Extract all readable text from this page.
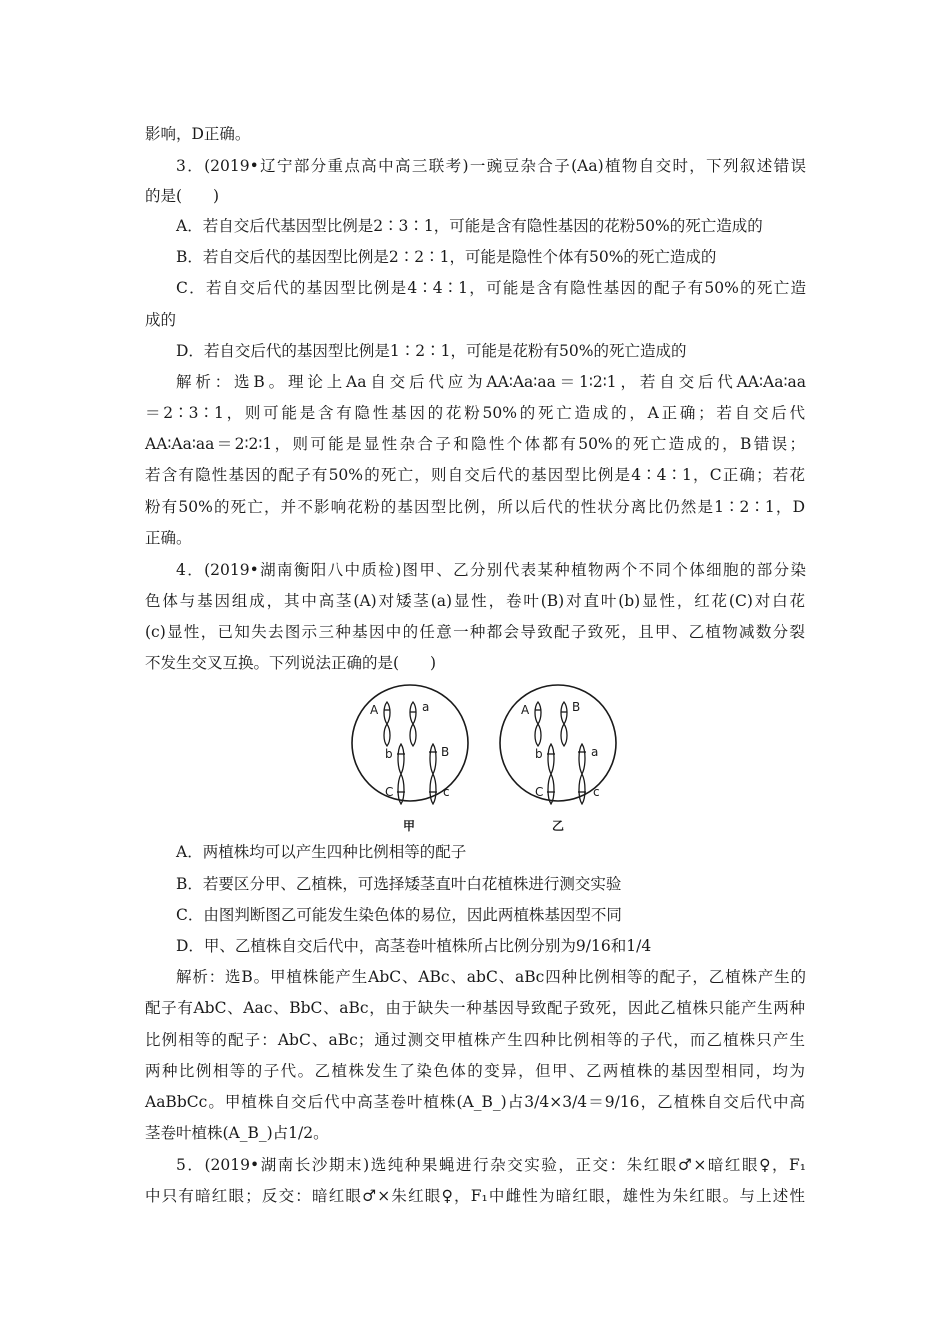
影响，D正确。
3．(2019•辽宁部分重点高中高三联考)一豌豆杂合子(Aa)植物自交时，下列叙述错误
的是(　　)
A．若自交后代基因型比例是2∶3∶1，可能是含有隐性基因的花粉50%的死亡造成的
B．若自交后代的基因型比例是2∶2∶1，可能是隐性个体有50%的死亡造成的
C．若自交后代的基因型比例是4∶4∶1，可能是含有隐性基因的配子有50%的死亡造
成的
D．若自交后代的基因型比例是1∶2∶1，可能是花粉有50%的死亡造成的
解析：选B。理论上Aa自交后代应为AA∶Aa∶aa＝1∶2∶1，若自交后代AA∶Aa∶aa
＝2∶3∶1，则可能是含有隐性基因的花粉50%的死亡造成的，A正确；若自交后代
AA∶Aa∶aa＝2∶2∶1，则可能是显性杂合子和隐性个体都有50%的死亡造成的，B错误；
若含有隐性基因的配子有50%的死亡，则自交后代的基因型比例是4∶4∶1，C正确；若花
粉有50%的死亡，并不影响花粉的基因型比例，所以后代的性状分离比仍然是1∶2∶1，D
正确。
4．(2019•湖南衡阳八中质检)图甲、乙分别代表某种植物两个不同个体细胞的部分染
色体与基因组成，其中高茎(A)对矮茎(a)显性，卷叶(B)对直叶(b)显性，红花(C)对白花
(c)显性，已知失去图示三种基因中的任意一种都会导致配子致死，且甲、乙植物减数分裂
不发生交叉互换。下列说法正确的是(　　)
A	a
b	B
C	c
甲
A	B
b	a
C	c
乙
A．两植株均可以产生四种比例相等的配子
B．若要区分甲、乙植株，可选择矮茎直叶白花植株进行测交实验
C．由图判断图乙可能发生染色体的易位，因此两植株基因型不同
D．甲、乙植株自交后代中，高茎卷叶植株所占比例分别为9/16和1/4
解析：选B。甲植株能产生AbC、ABc、abC、aBc四种比例相等的配子，乙植株产生的
配子有AbC、Aac、BbC、aBc，由于缺失一种基因导致配子致死，因此乙植株只能产生两种
比例相等的配子：AbC、aBc；通过测交甲植株产生四种比例相等的子代，而乙植株只产生
两种比例相等的子代。乙植株发生了染色体的变异，但甲、乙两植株的基因型相同，均为
AaBbCc。甲植株自交后代中高茎卷叶植株(A_B_)占3/4×3/4＝9/16，乙植株自交后代中高
茎卷叶植株(A_B_)占1/2。
5．(2019•湖南长沙期末)选纯种果蝇进行杂交实验，正交：朱红眼♂×暗红眼♀，F₁
中只有暗红眼；反交：暗红眼♂×朱红眼♀，F₁中雌性为暗红眼，雄性为朱红眼。与上述性
